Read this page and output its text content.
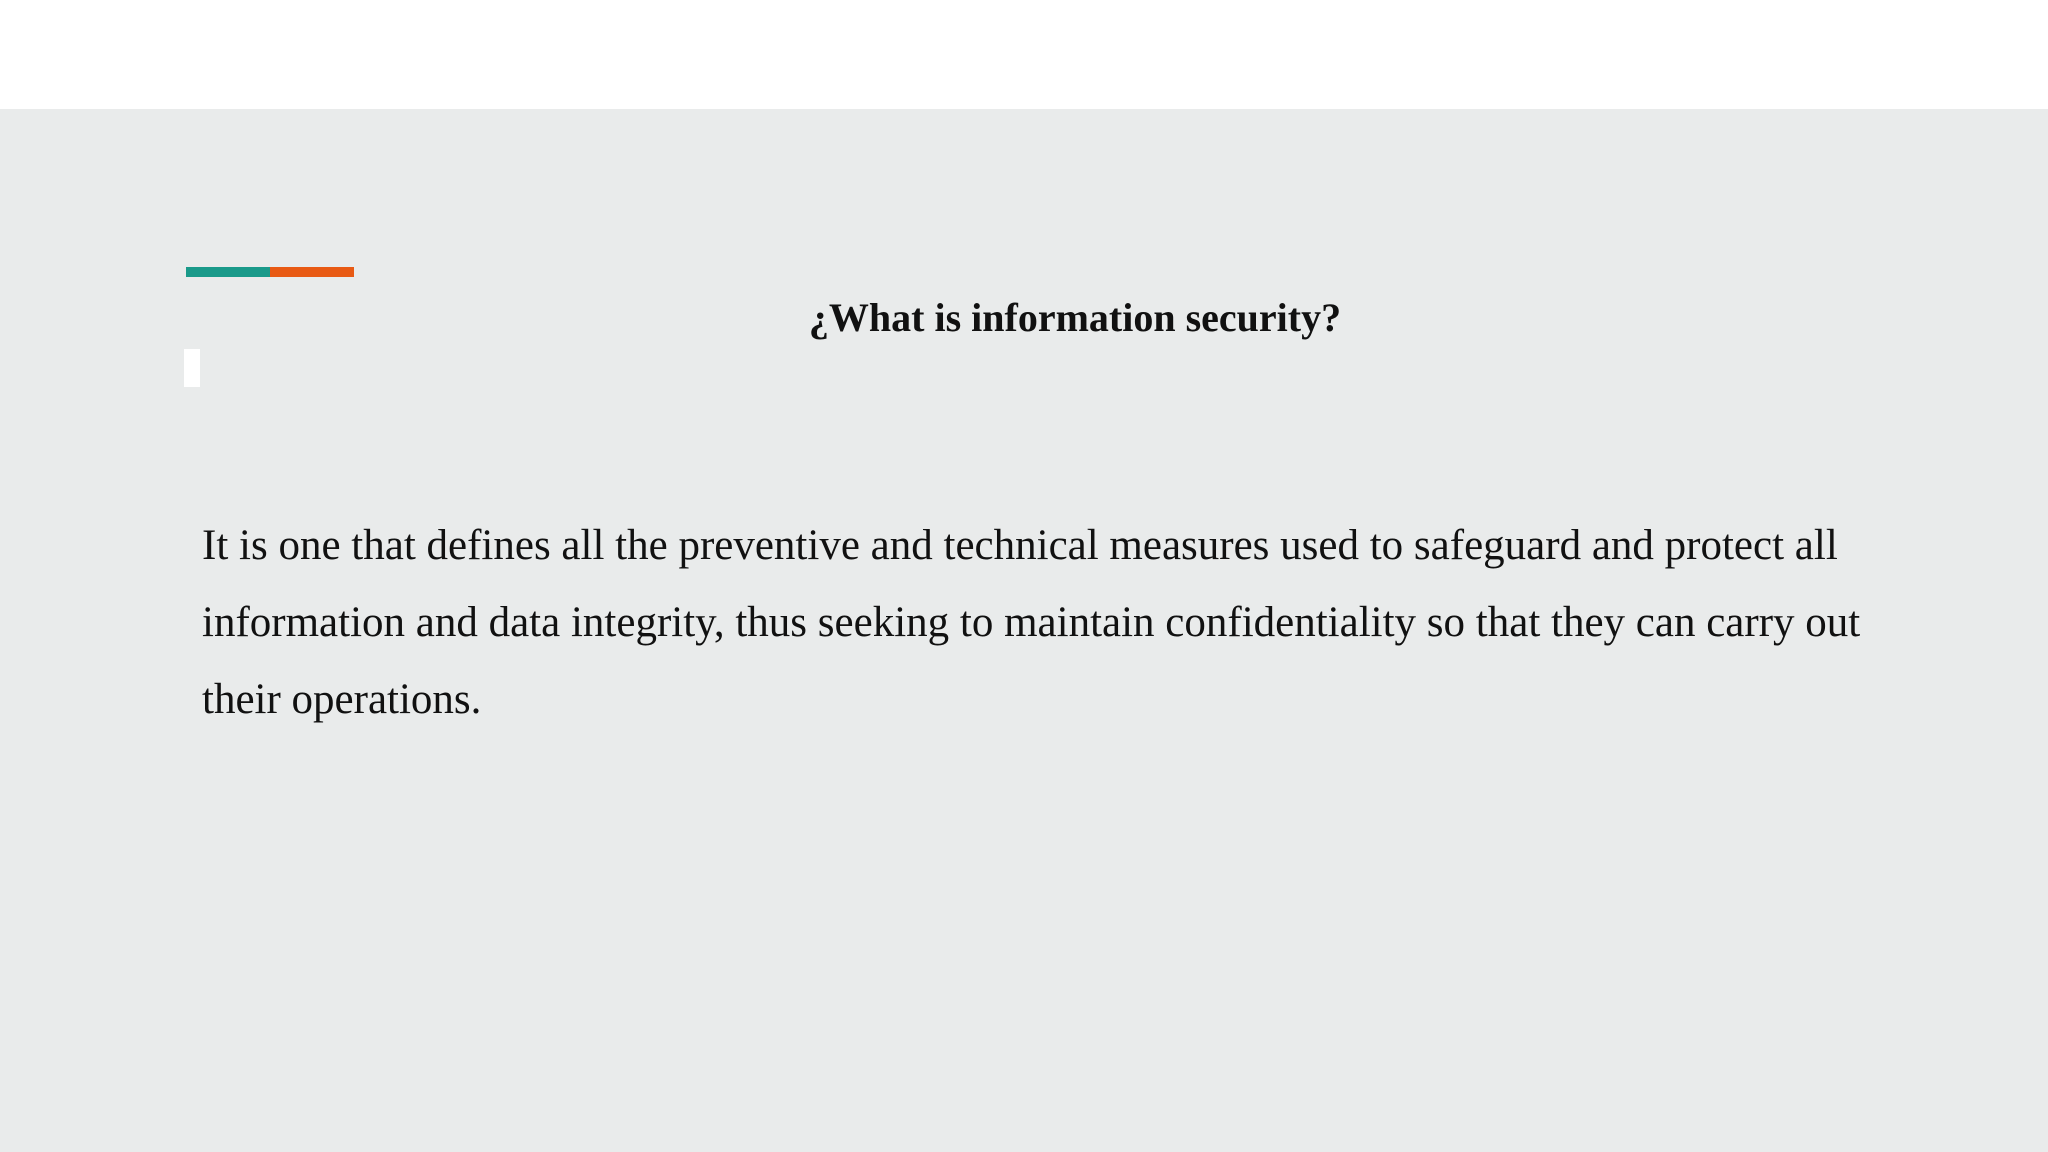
¿What is information security?

It is one that defines all the preventive and technical measures used to safeguard and protect all information and data integrity, thus seeking to maintain confidentiality so that they can carry out their operations.
